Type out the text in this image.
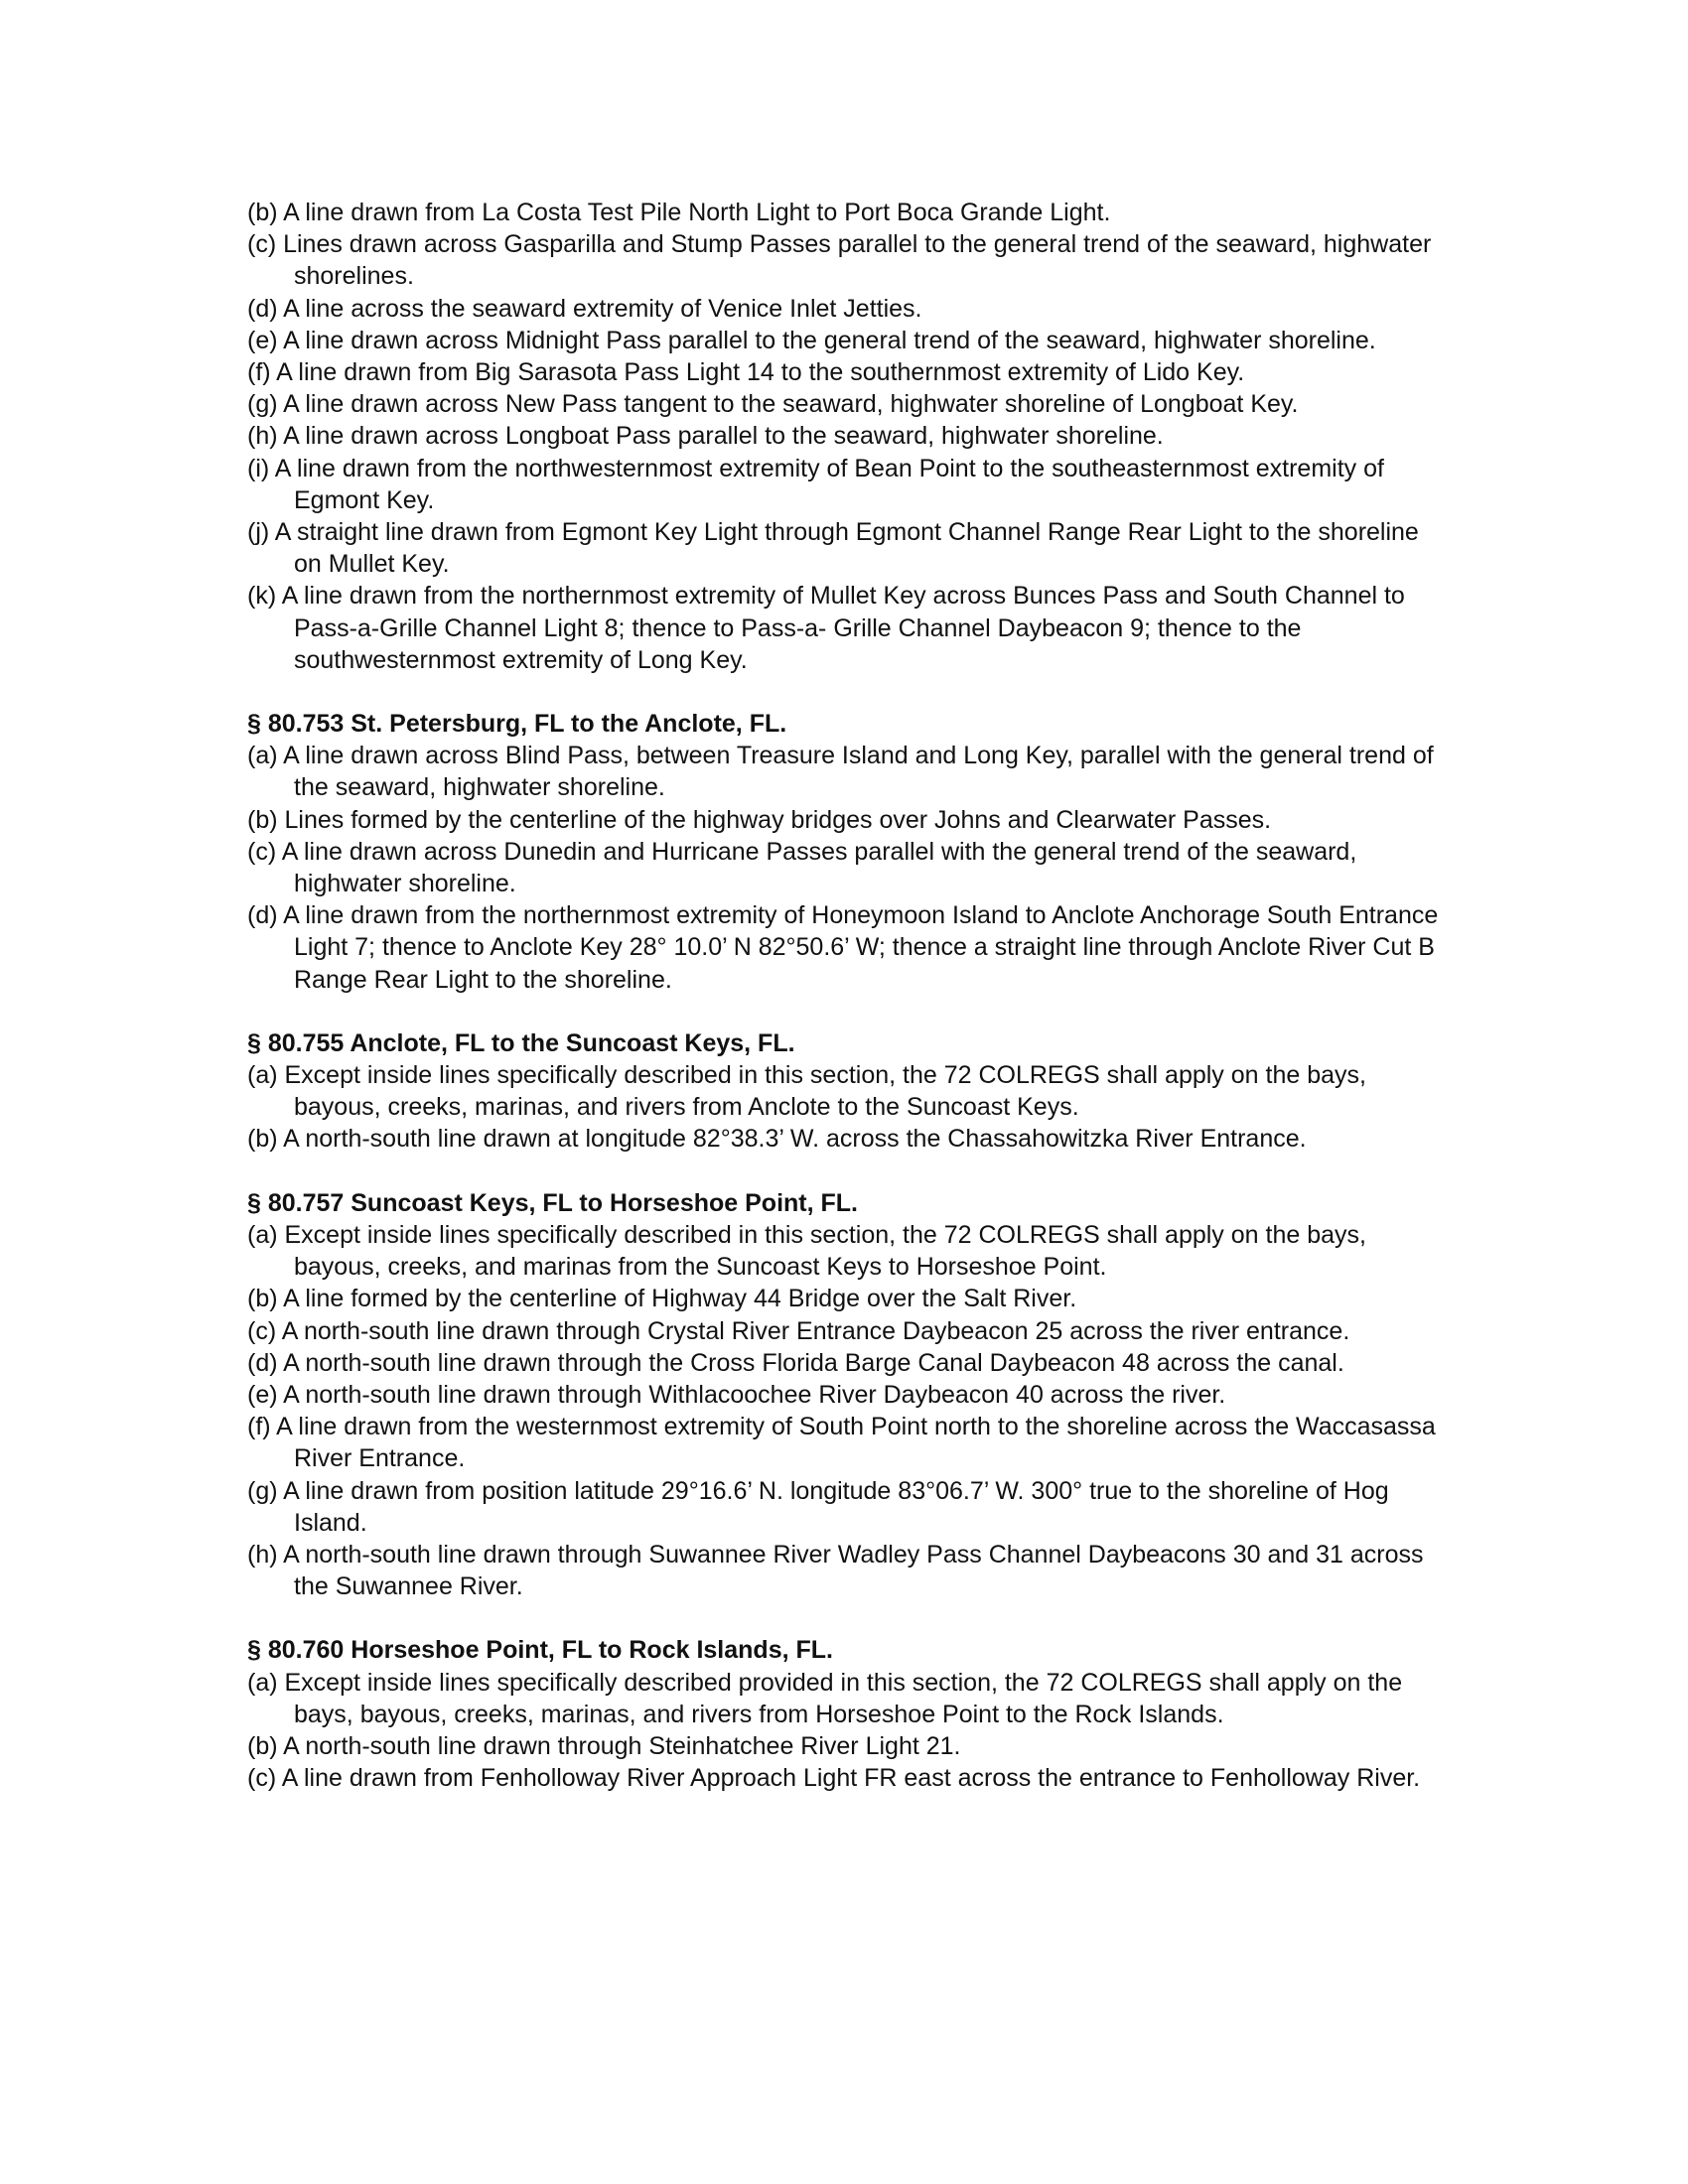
(b) A line drawn from La Costa Test Pile North Light to Port Boca Grande Light.

(c) Lines drawn across Gasparilla and Stump Passes parallel to the general trend of the seaward, highwater shorelines.

(d) A line across the seaward extremity of Venice Inlet Jetties.

(e) A line drawn across Midnight Pass parallel to the general trend of the seaward, highwater shoreline.

(f) A line drawn from Big Sarasota Pass Light 14 to the southernmost extremity of Lido Key.

(g) A line drawn across New Pass tangent to the seaward, highwater shoreline of Longboat Key.

(h) A line drawn across Longboat Pass parallel to the seaward, highwater shoreline.

(i) A line drawn from the northwesternmost extremity of Bean Point to the southeasternmost extremity of Egmont Key.

(j) A straight line drawn from Egmont Key Light through Egmont Channel Range Rear Light to the shoreline on Mullet Key.

(k) A line drawn from the northernmost extremity of Mullet Key across Bunces Pass and South Channel to Pass-a-Grille Channel Light 8; thence to Pass-a- Grille Channel Daybeacon 9; thence to the southwesternmost extremity of Long Key.

§ 80.753 St. Petersburg, FL to the Anclote, FL.

(a) A line drawn across Blind Pass, between Treasure Island and Long Key, parallel with the general trend of the seaward, highwater shoreline.

(b) Lines formed by the centerline of the highway bridges over Johns and Clearwater Passes.

(c) A line drawn across Dunedin and Hurricane Passes parallel with the general trend of the seaward, highwater shoreline.

(d) A line drawn from the northernmost extremity of Honeymoon Island to Anclote Anchorage South Entrance Light 7; thence to Anclote Key 28° 10.0’ N 82°50.6’ W; thence a straight line through Anclote River Cut B Range Rear Light to the shoreline.

§ 80.755 Anclote, FL to the Suncoast Keys, FL.

(a) Except inside lines specifically described in this section, the 72 COLREGS shall apply on the bays, bayous, creeks, marinas, and rivers from Anclote to the Suncoast Keys.

(b) A north-south line drawn at longitude 82°38.3’ W. across the Chassahowitzka River Entrance.

§ 80.757 Suncoast Keys, FL to Horseshoe Point, FL.

(a) Except inside lines specifically described in this section, the 72 COLREGS shall apply on the bays, bayous, creeks, and marinas from the Suncoast Keys to Horseshoe Point.

(b) A line formed by the centerline of Highway 44 Bridge over the Salt River.

(c) A north-south line drawn through Crystal River Entrance Daybeacon 25 across the river entrance.

(d) A north-south line drawn through the Cross Florida Barge Canal Daybeacon 48 across the canal.

(e) A north-south line drawn through Withlacoochee River Daybeacon 40 across the river.

(f) A line drawn from the westernmost extremity of South Point north to the shoreline across the Waccasassa River Entrance.

(g) A line drawn from position latitude 29°16.6’ N. longitude 83°06.7’ W. 300° true to the shoreline of Hog Island.

(h) A north-south line drawn through Suwannee River Wadley Pass Channel Daybeacons 30 and 31 across the Suwannee River.

§ 80.760 Horseshoe Point, FL to Rock Islands, FL.

(a) Except inside lines specifically described provided in this section, the 72 COLREGS shall apply on the bays, bayous, creeks, marinas, and rivers from Horseshoe Point to the Rock Islands.

(b) A north-south line drawn through Steinhatchee River Light 21.

(c) A line drawn from Fenholloway River Approach Light FR east across the entrance to Fenholloway River.
